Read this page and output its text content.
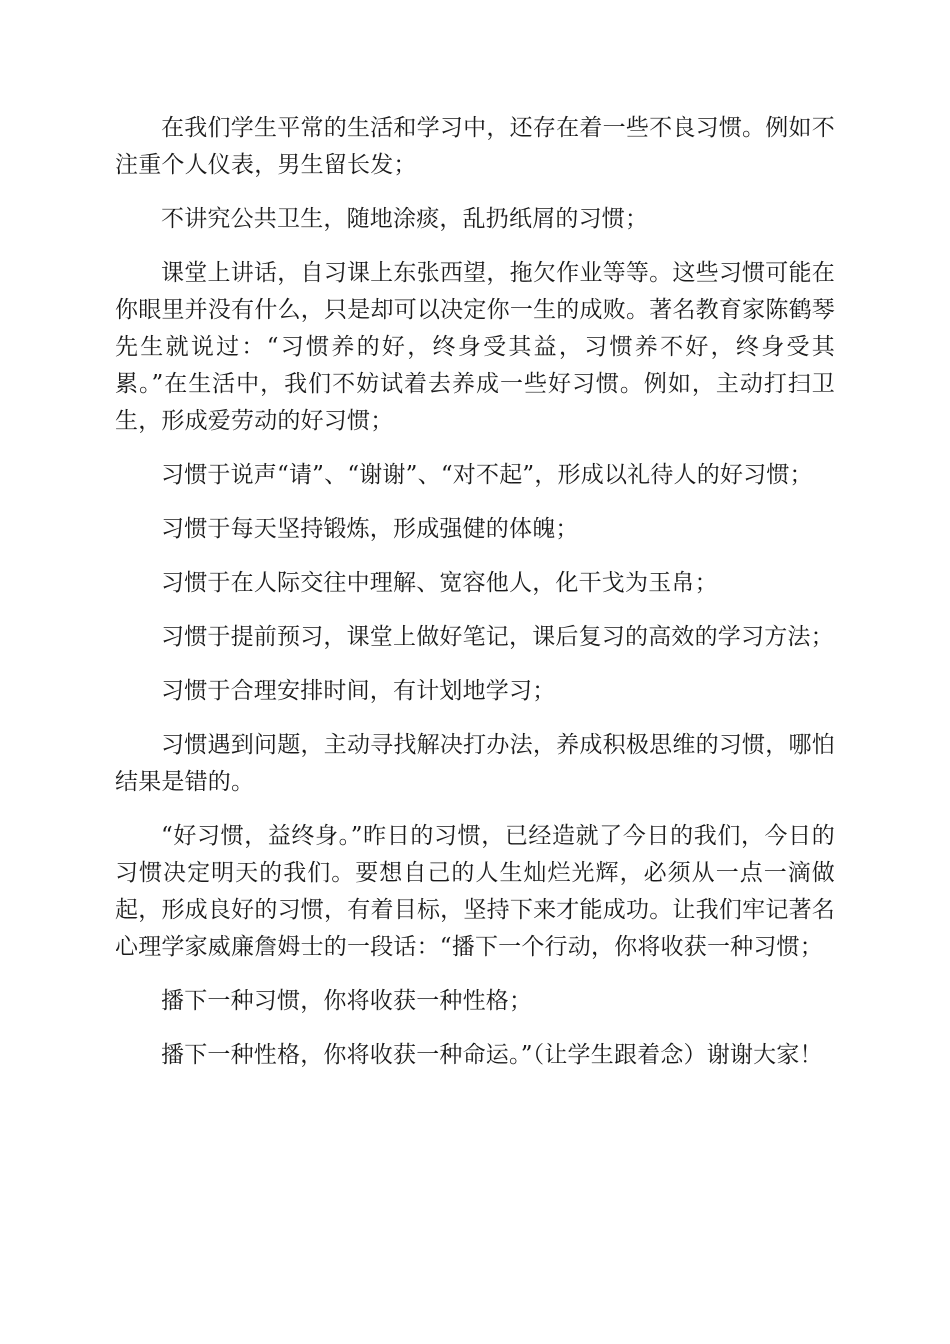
在我们学生平常的生活和学习中，还存在着一些不良习惯。例如不注重个人仪表，男生留长发；

不讲究公共卫生，随地涂痰，乱扔纸屑的习惯；

课堂上讲话，自习课上东张西望，拖欠作业等等。这些习惯可能在你眼里并没有什么，只是却可以决定你一生的成败。著名教育家陈鹤琴先生就说过：“习惯养的好，终身受其益，习惯养不好，终身受其累。”在生活中，我们不妨试着去养成一些好习惯。例如，主动打扫卫生，形成爱劳动的好习惯；

习惯于说声“请”、“谢谢”、“对不起”，形成以礼待人的好习惯；

习惯于每天坚持锻炼，形成强健的体魄；

习惯于在人际交往中理解、宽容他人，化干戈为玉帛；

习惯于提前预习，课堂上做好笔记，课后复习的高效的学习方法；

习惯于合理安排时间，有计划地学习；

习惯遇到问题，主动寻找解决打办法，养成积极思维的习惯，哪怕结果是错的。

“好习惯，益终身。”昨日的习惯，已经造就了今日的我们，今日的习惯决定明天的我们。要想自己的人生灿烂光辉，必须从一点一滴做起，形成良好的习惯，有着目标，坚持下来才能成功。让我们牢记著名心理学家威廉詹姆士的一段话：“播下一个行动，你将收获一种习惯；

播下一种习惯，你将收获一种性格；

播下一种性格，你将收获一种命运。”（让学生跟着念）谢谢大家！
